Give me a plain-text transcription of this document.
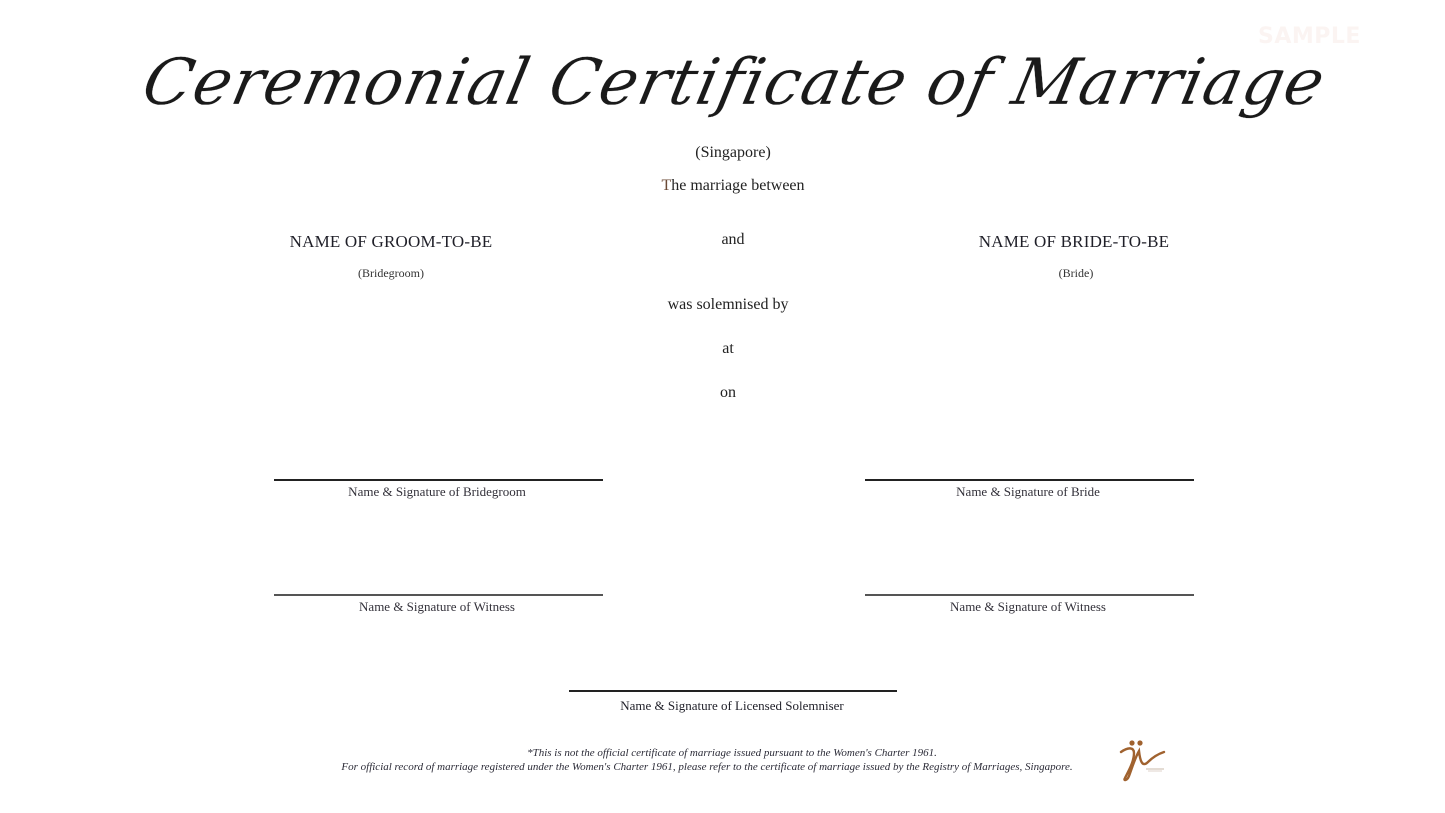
SAMPLE
Ceremonial Certificate of Marriage
(Singapore)
The marriage between
NAME OF GROOM-TO-BE
(Bridegroom)
and	NAME OF BRIDE-TO-BE
(Bride)
was solemnised by
at
on
Name & Signature of Bridegroom	Name & Signature of Bride
Name & Signature of Witness	Name & Signature of Witness
Name & Signature of Licensed Solemniser
*This is not the official certificate of marriage issued pursuant to the Women's Charter 1961.
For official record of marriage registered under the Women's Charter 1961, please refer to the certificate of marriage issued by the Registry of Marriages, Singapore.
